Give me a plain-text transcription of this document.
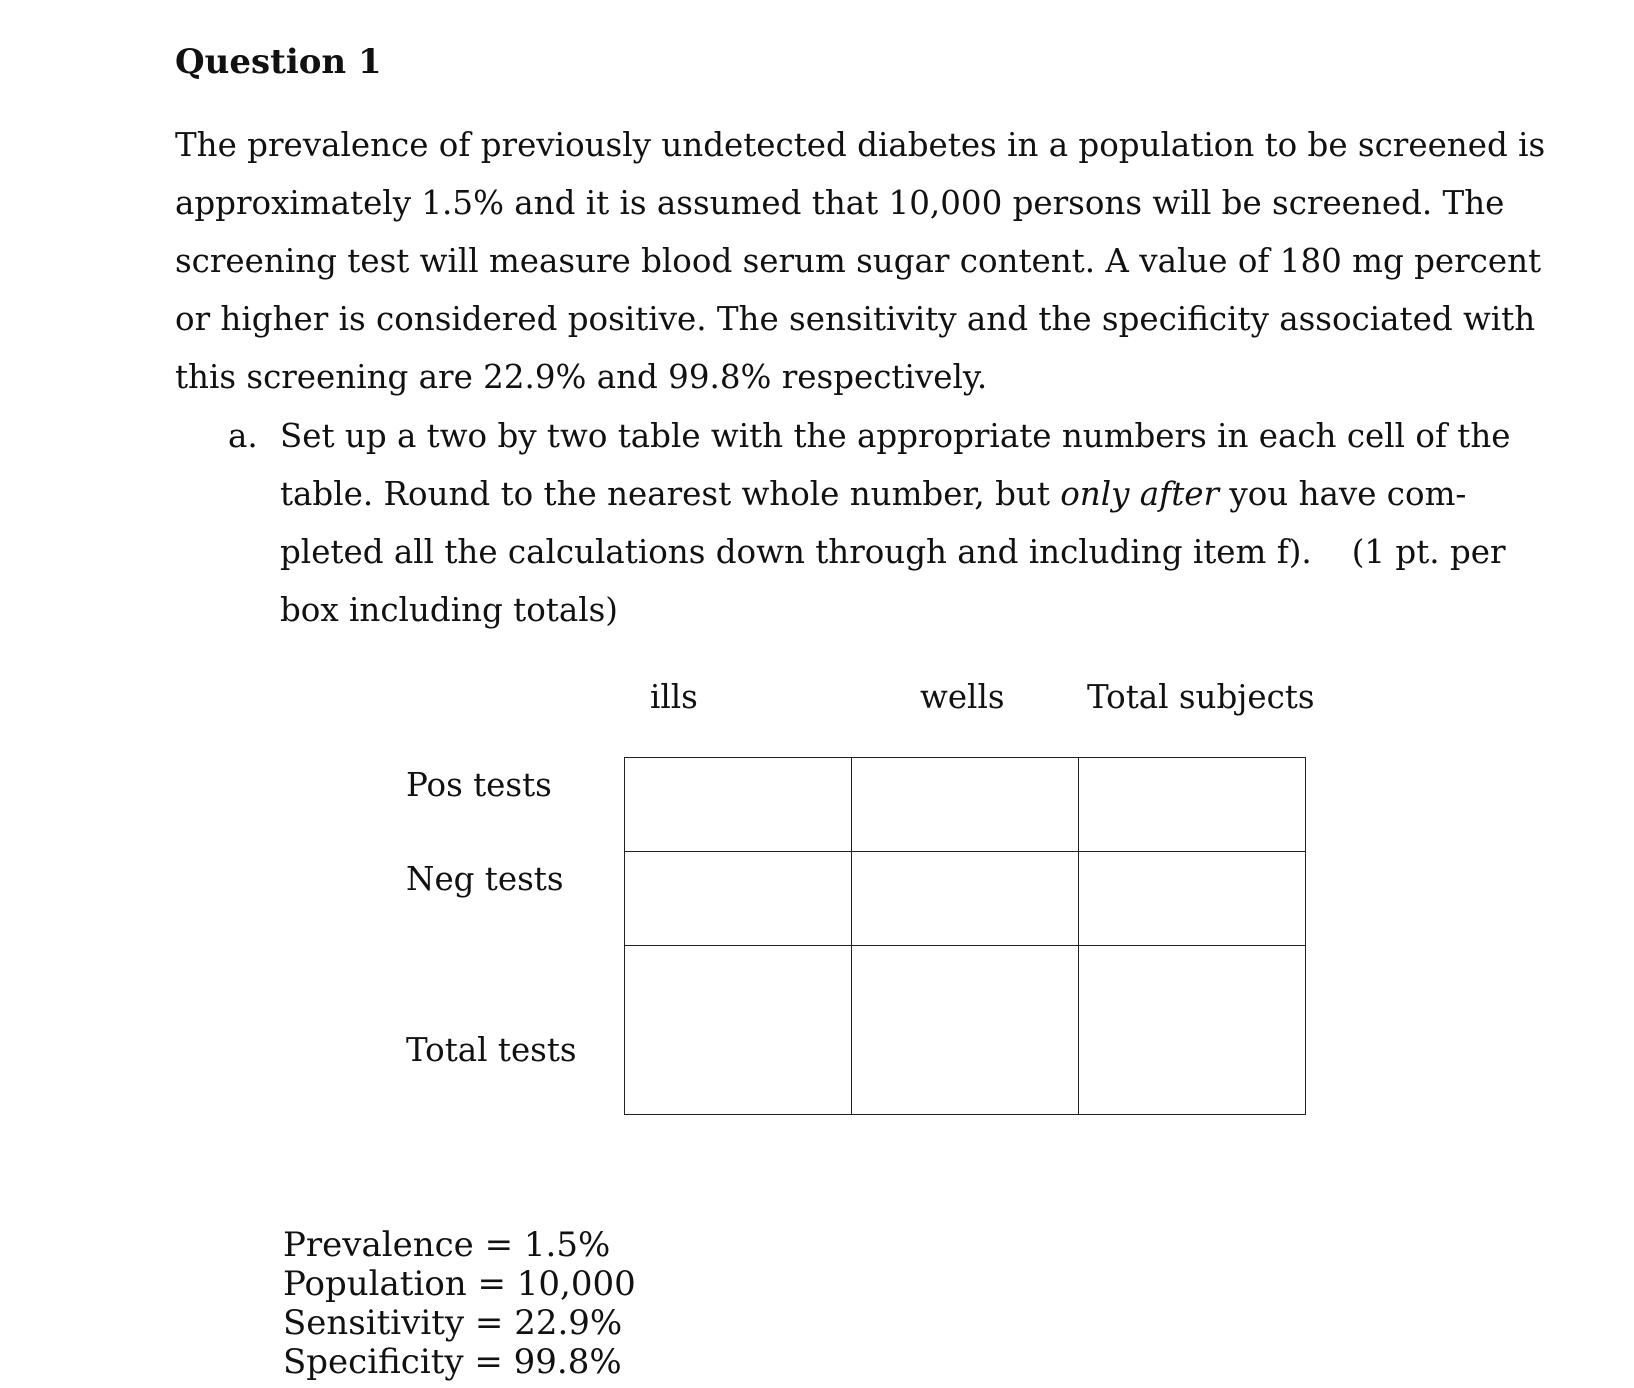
Question 1

The prevalence of previously undetected diabetes in a population to be screened is
approximately 1.5% and it is assumed that 10,000 persons will be screened. The
screening test will measure blood serum sugar content. A value of 180 mg percent
or higher is considered positive. The sensitivity and the specificity associated with
this screening are 22.9% and 99.8% respectively.

a. Set up a two by two table with the appropriate numbers in each cell of the
table. Round to the nearest whole number, but only after you have com-
pleted all the calculations down through and including item f). (1 pt. per
box including totals)
ills	wells	Total subjects
Pos tests
Neg tests
Total tests

Prevalence = 1.5%
Population = 10,000
Sensitivity = 22.9%
Specificity = 99.8%
